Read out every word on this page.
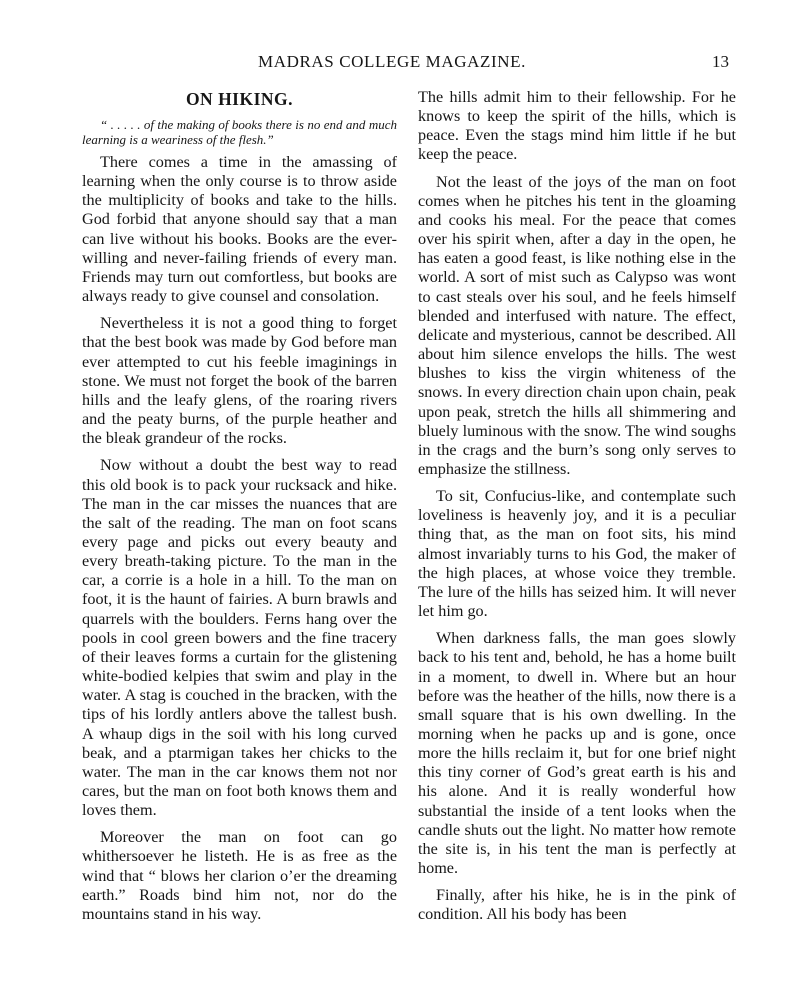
MADRAS COLLEGE MAGAZINE.	13
ON HIKING.

“ . . . . . of the making of books there is no end and much learning is a weariness of the flesh.”

There comes a time in the amassing of learning when the only course is to throw aside the multiplicity of books and take to the hills. God forbid that anyone should say that a man can live without his books. Books are the ever-willing and never-failing friends of every man. Friends may turn out comfortless, but books are always ready to give counsel and consolation.

Nevertheless it is not a good thing to forget that the best book was made by God before man ever attempted to cut his feeble imaginings in stone. We must not forget the book of the barren hills and the leafy glens, of the roaring rivers and the peaty burns, of the purple heather and the bleak grandeur of the rocks.

Now without a doubt the best way to read this old book is to pack your rucksack and hike. The man in the car misses the nuances that are the salt of the reading. The man on foot scans every page and picks out every beauty and every breath-taking picture. To the man in the car, a corrie is a hole in a hill. To the man on foot, it is the haunt of fairies. A burn brawls and quarrels with the boulders. Ferns hang over the pools in cool green bowers and the fine tracery of their leaves forms a curtain for the glistening white-bodied kelpies that swim and play in the water. A stag is couched in the bracken, with the tips of his lordly antlers above the tallest bush. A whaup digs in the soil with his long curved beak, and a ptarmigan takes her chicks to the water. The man in the car knows them not nor cares, but the man on foot both knows them and loves them.

Moreover the man on foot can go whithersoever he listeth. He is as free as the wind that “ blows her clarion o’er the dreaming earth.” Roads bind him not, nor do the mountains stand in his way.

The hills admit him to their fellowship. For he knows to keep the spirit of the hills, which is peace. Even the stags mind him little if he but keep the peace.

Not the least of the joys of the man on foot comes when he pitches his tent in the gloaming and cooks his meal. For the peace that comes over his spirit when, after a day in the open, he has eaten a good feast, is like nothing else in the world. A sort of mist such as Calypso was wont to cast steals over his soul, and he feels himself blended and interfused with nature. The effect, delicate and mysterious, cannot be described. All about him silence envelops the hills. The west blushes to kiss the virgin whiteness of the snows. In every direction chain upon chain, peak upon peak, stretch the hills all shimmering and bluely luminous with the snow. The wind soughs in the crags and the burn’s song only serves to emphasize the stillness.

To sit, Confucius-like, and contemplate such loveliness is heavenly joy, and it is a peculiar thing that, as the man on foot sits, his mind almost invariably turns to his God, the maker of the high places, at whose voice they tremble. The lure of the hills has seized him. It will never let him go.

When darkness falls, the man goes slowly back to his tent and, behold, he has a home built in a moment, to dwell in. Where but an hour before was the heather of the hills, now there is a small square that is his own dwelling. In the morning when he packs up and is gone, once more the hills reclaim it, but for one brief night this tiny corner of God’s great earth is his and his alone. And it is really wonderful how substantial the inside of a tent looks when the candle shuts out the light. No matter how remote the site is, in his tent the man is perfectly at home.

Finally, after his hike, he is in the pink of condition. All his body has been
